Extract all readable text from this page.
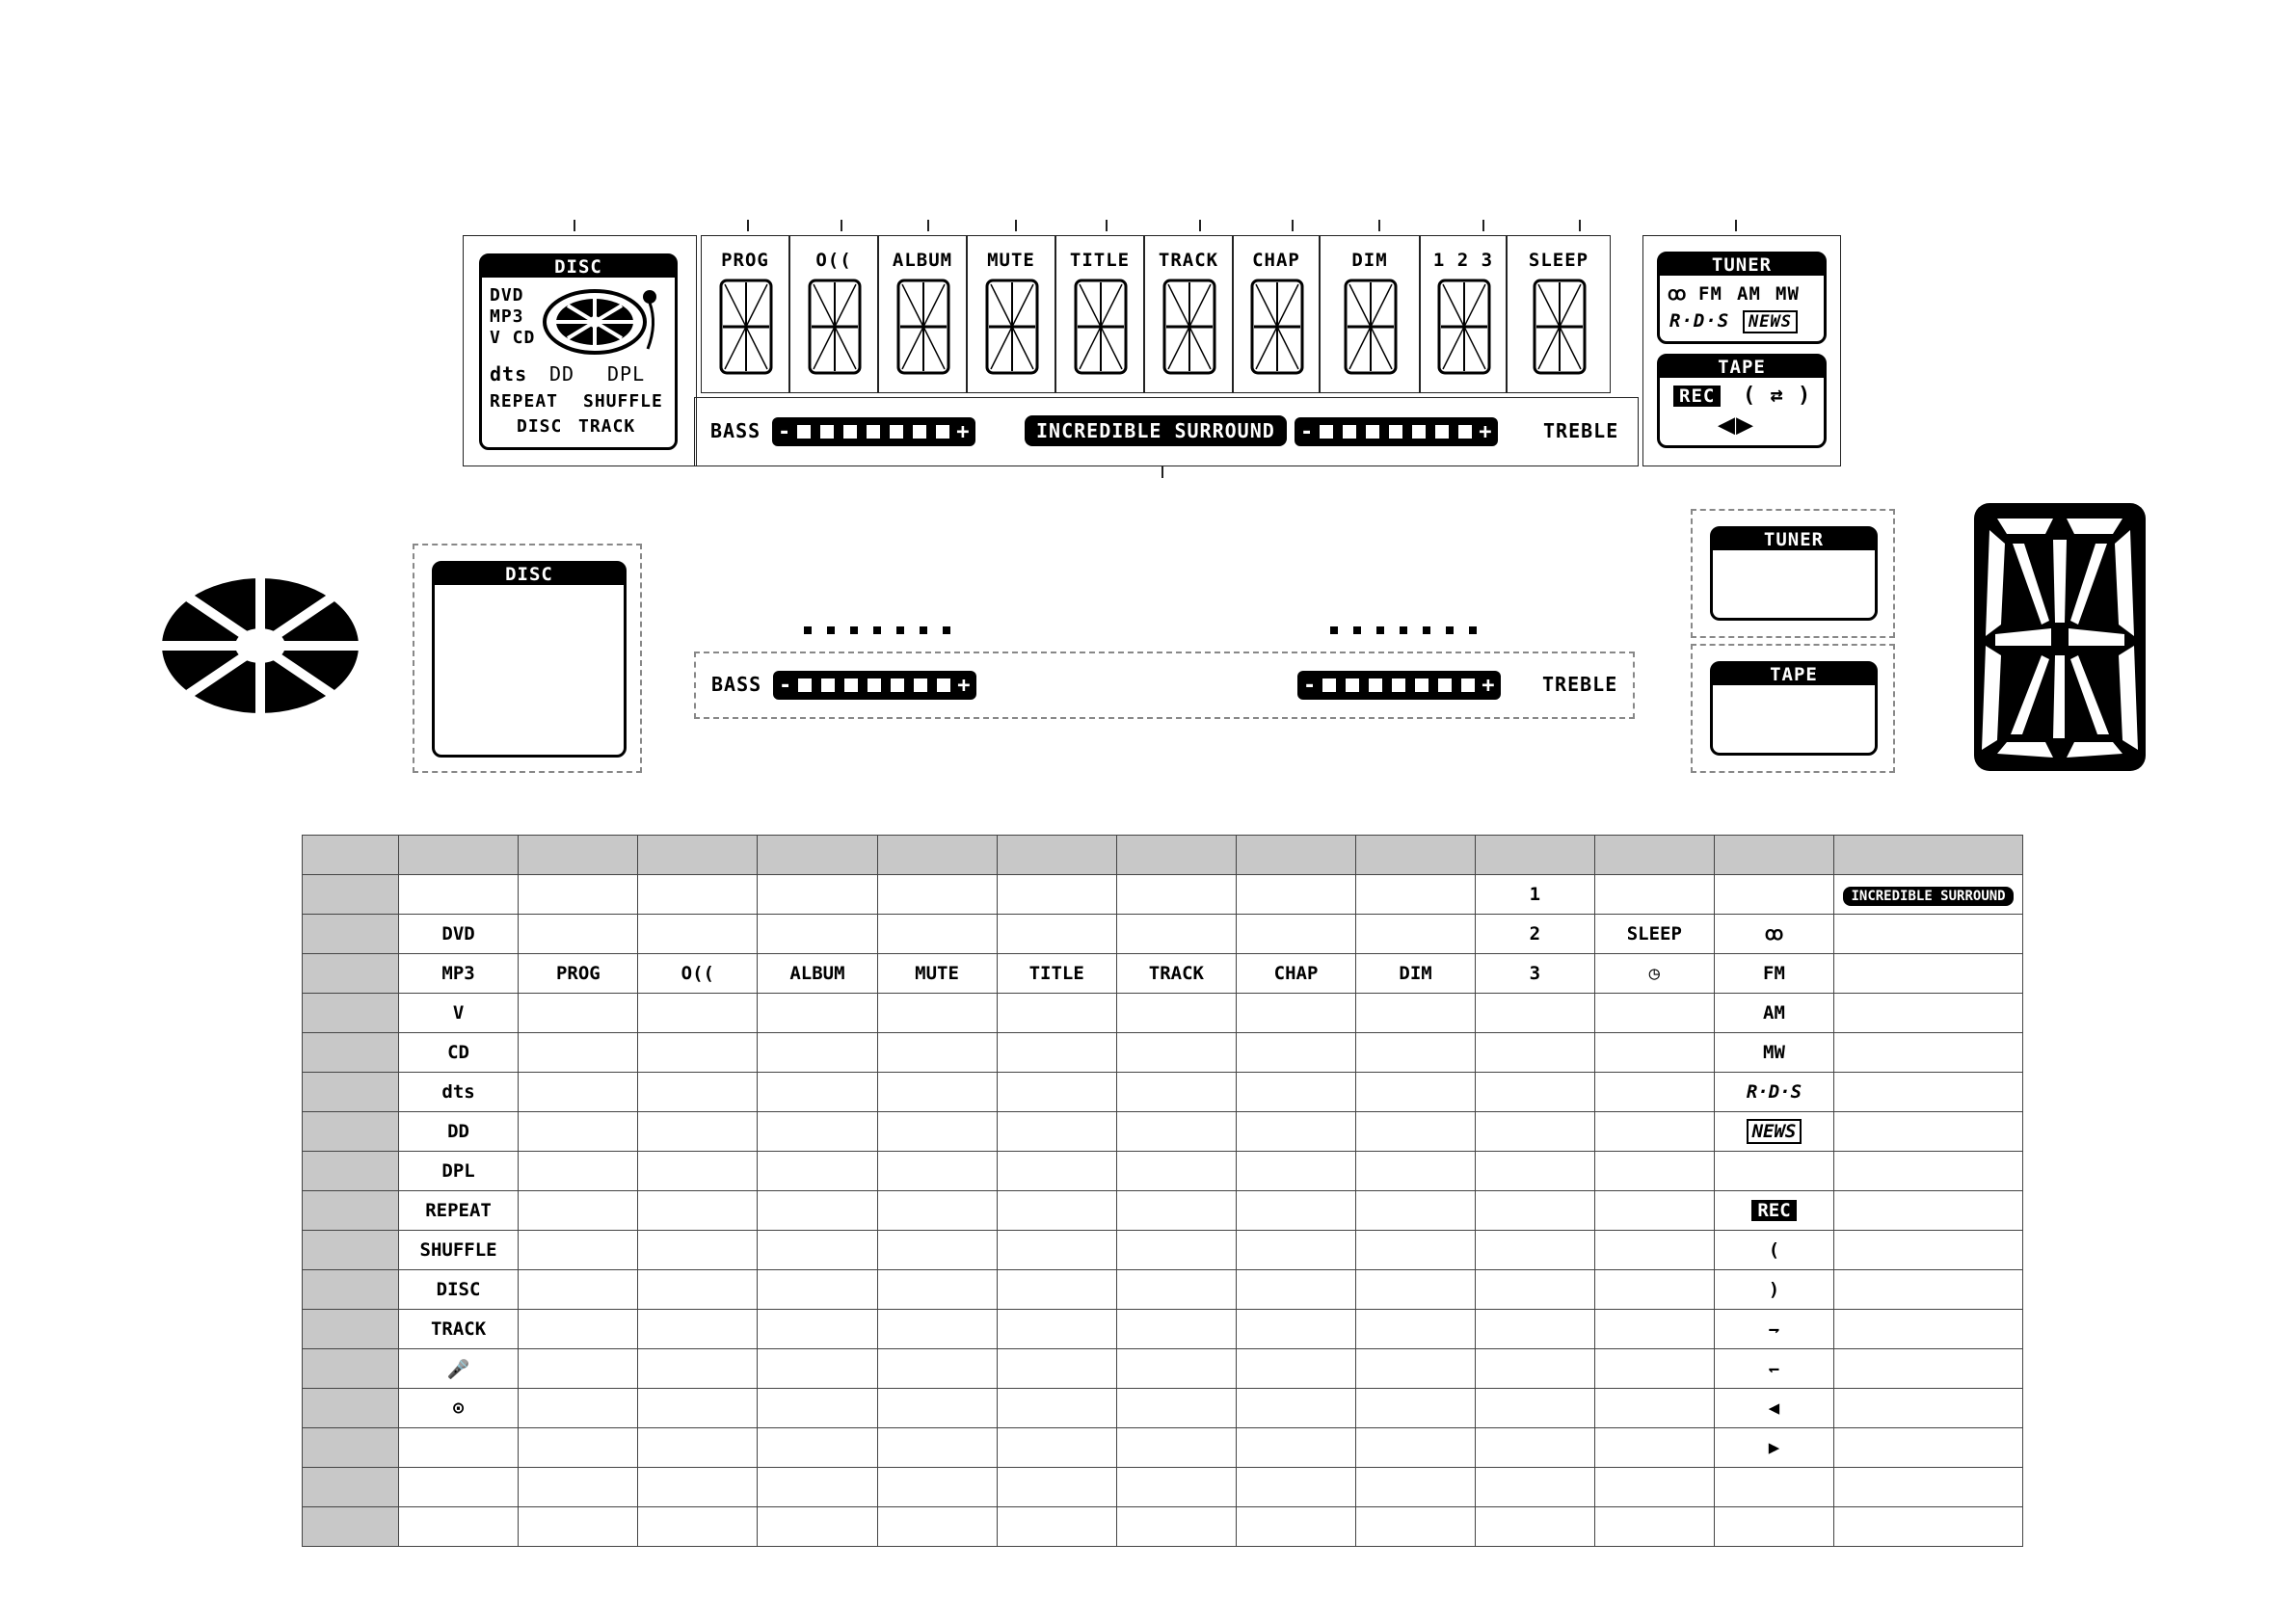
DISC
DVD
MP3
V CD
dts DD DPL
REPEAT SHUFFLE
DISC TRACK
PROG	O((	ALBUM	MUTE	TITLE	TRACK	CHAP	DIM	1 2 3	SLEEP
BASS -	+	INCREDIBLE SURROUND	-	+	TREBLE
TUNER
ꝏ FM AM MW
R·D·S	NEWS
TAPE
REC ( ⇄ )
◀▶
DISC
BASS -	+	-	+ TREBLE
TUNER
TAPE

										1			INCREDIBLE SURROUND
	DVD									2	SLEEP	ꝏ	
	MP3	PROG	O((	ALBUM	MUTE	TITLE	TRACK	CHAP	DIM	3	◷	FM	
	V											AM	
	CD											MW	
	dts											R·D·S	
	DD											NEWS	
	DPL												
	REPEAT											REC	
	SHUFFLE											(	
	DISC											)	
	TRACK											⇁	
	🎤											↽	
	⊙											◀	
												▶	
